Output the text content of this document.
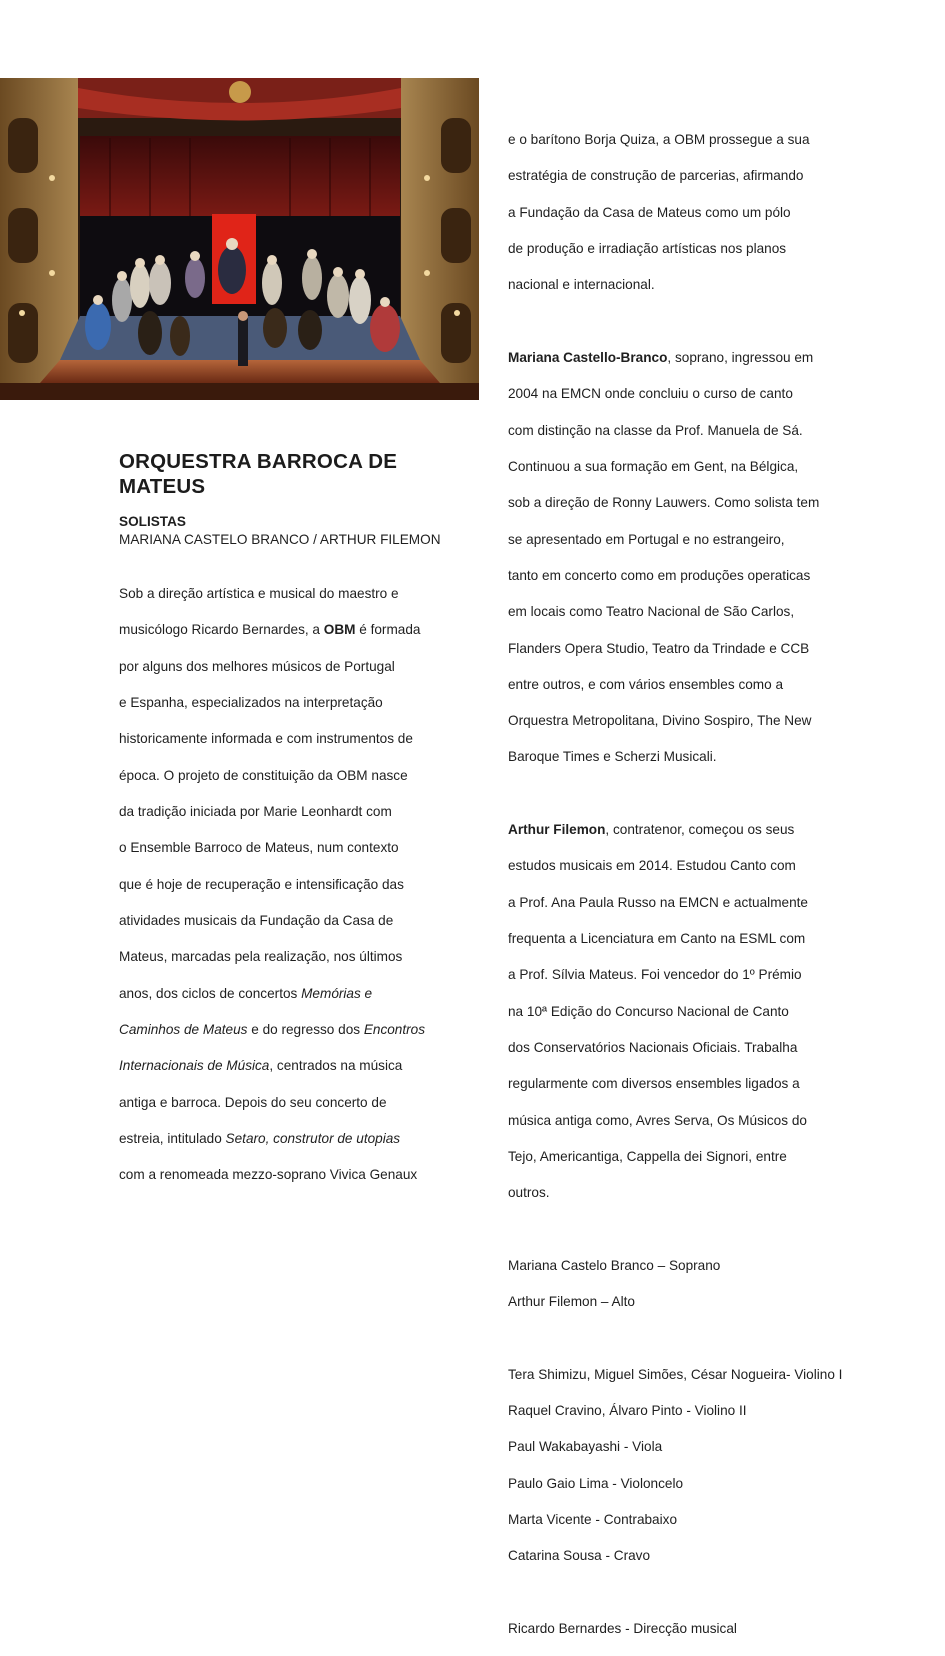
ORQUESTRA BARROCA DE MATEUS
SOLISTAS
MARIANA CASTELO BRANCO / ARTHUR FILEMON

Sob a direção artística e musical do maestro e

musicólogo Ricardo Bernardes, a OBM é formada

por alguns dos melhores músicos de Portugal

e Espanha, especializados na interpretação

historicamente informada e com instrumentos de

época. O projeto de constituição da OBM nasce

da tradição iniciada por Marie Leonhardt com

o Ensemble Barroco de Mateus, num contexto

que é hoje de recuperação e intensificação das

atividades musicais da Fundação da Casa de

Mateus, marcadas pela realização, nos últimos

anos, dos ciclos de concertos Memórias e

Caminhos de Mateus e do regresso dos Encontros

Internacionais de Música, centrados na música

antiga e barroca. Depois do seu concerto de

estreia, intitulado Setaro, construtor de utopias

com a renomeada mezzo-soprano Vivica Genaux

e o barítono Borja Quiza, a OBM prossegue a sua

estratégia de construção de parcerias, afirmando

a Fundação da Casa de Mateus como um pólo

de produção e irradiação artísticas nos planos

nacional e internacional.

Mariana Castello-Branco, soprano, ingressou em

2004 na EMCN onde concluiu o curso de canto

com distinção na classe da Prof. Manuela de Sá.

Continuou a sua formação em Gent, na Bélgica,

sob a direção de Ronny Lauwers. Como solista tem

se apresentado em Portugal e no estrangeiro,

tanto em concerto como em produções operaticas

em locais como Teatro Nacional de São Carlos,

Flanders Opera Studio, Teatro da Trindade e CCB

entre outros, e com vários ensembles como a

Orquestra Metropolitana, Divino Sospiro, The New

Baroque Times e Scherzi Musicali.

Arthur Filemon, contratenor, começou os seus

estudos musicais em 2014. Estudou Canto com

a Prof. Ana Paula Russo na EMCN e actualmente

frequenta a Licenciatura em Canto na ESML com

a Prof. Sílvia Mateus. Foi vencedor do 1º Prémio

na 10ª Edição do Concurso Nacional de Canto

dos Conservatórios Nacionais Oficiais. Trabalha

regularmente com diversos ensembles ligados a

música antiga como, Avres Serva, Os Músicos do

Tejo, Americantiga, Cappella dei Signori, entre

outros.

Mariana Castelo Branco – Soprano

Arthur Filemon – Alto

Tera Shimizu, Miguel Simões, César Nogueira- Violino I

Raquel Cravino, Álvaro Pinto - Violino II

Paul Wakabayashi - Viola

Paulo Gaio Lima - Violoncelo

Marta Vicente - Contrabaixo

Catarina Sousa - Cravo

Ricardo Bernardes - Direcção musical
